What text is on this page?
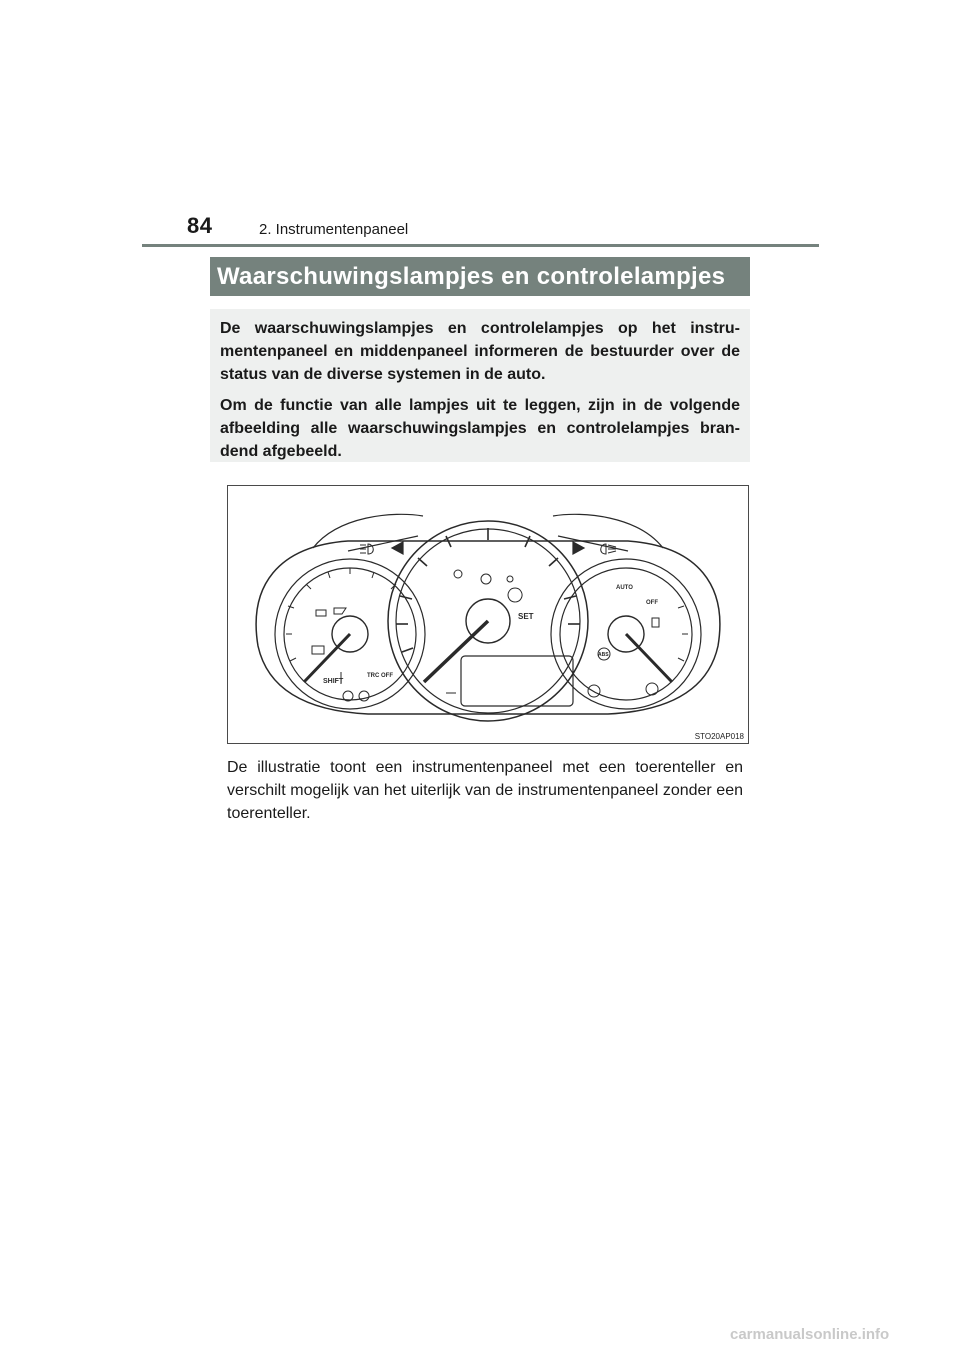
84	2. Instrumentenpaneel
Waarschuwingslampjes en controlelampjes

De waarschuwingslampjes en controlelampjes op het instru-mentenpaneel en middenpaneel informeren de bestuurder over de status van de diverse systemen in de auto.

Om de functie van alle lampjes uit te leggen, zijn in de volgende afbeelding alle waarschuwingslampjes en controlelampjes bran-dend afgebeeld.

SHIFT
TRC OFF
SET
AUTO
OFF
ABS
STO20AP018
De illustratie toont een instrumentenpaneel met een toerenteller en verschilt mogelijk van het uiterlijk van de instrumentenpaneel zonder een toerenteller.
carmanualsonline.info
